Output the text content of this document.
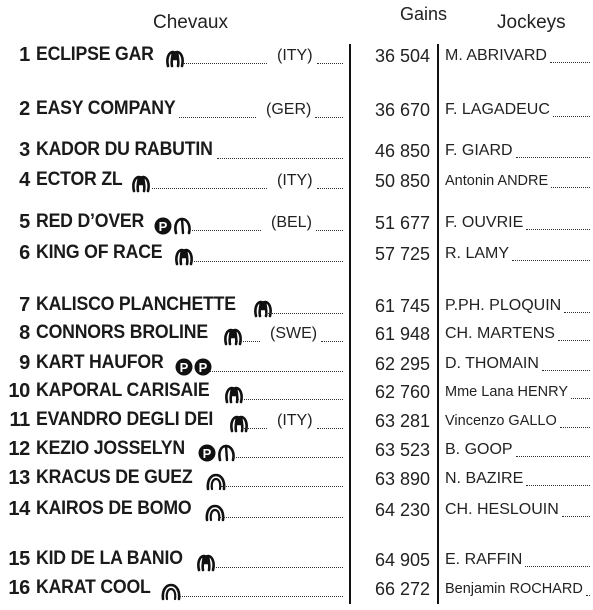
Chevaux	Gains	Jockeys
1 ECLIPSE GAR	(ITY)	36 504 M. ABRIVARD
2 EASY COMPANY	(GER)	36 670 F. LAGADEUC
3 KADOR DU RABUTIN	46 850 F. GIARD
4 ECTOR ZL	(ITY)	50 850 Antonin ANDRE
5 RED D’OVER P	(BEL)	51 677 F. OUVRIE
6 KING OF RACE	57 725 R. LAMY
7 KALISCO PLANCHETTE	61 745 P.PH. PLOQUIN
8 CONNORS BROLINE	(SWE)	61 948 CH. MARTENS
9 KART HAUFOR P P	62 295 D. THOMAIN
10 KAPORAL CARISAIE	62 760 Mme Lana HENRY
11 EVANDRO DEGLI DEI	(ITY)	63 281 Vincenzo GALLO
12 KEZIO JOSSELYN P	63 523 B. GOOP
13 KRACUS DE GUEZ	63 890 N. BAZIRE
14 KAIROS DE BOMO	64 230 CH. HESLOUIN
15 KID DE LA BANIO	64 905 E. RAFFIN
16 KARAT COOL	66 272 Benjamin ROCHARD
